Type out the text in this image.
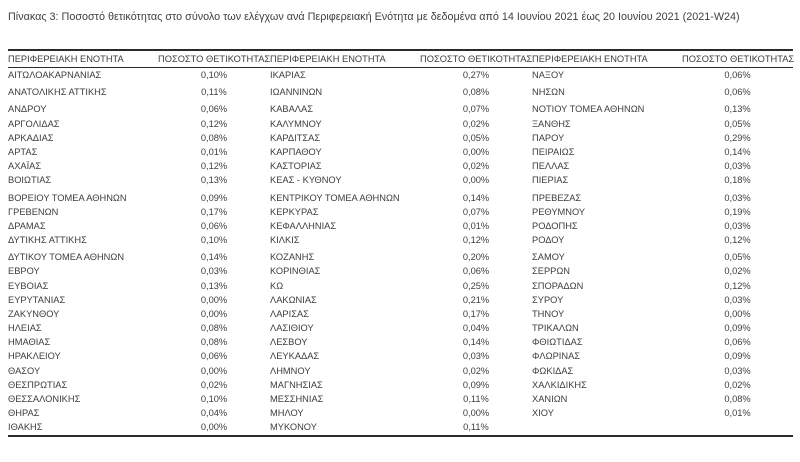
Πίνακας 3: Ποσοστό θετικότητας στο σύνολο των ελέγχων ανά Περιφερειακή Ενότητα με δεδομένα από 14 Ιουνίου 2021 έως 20 Ιουνίου 2021 (2021-W24)
ΠΕΡΙΦΕΡΕΙΑΚΗ ΕΝΟΤΗΤΑ	ΠΟΣΟΣΤΟ ΘΕΤΙΚΟΤΗΤΑΣ	ΠΕΡΙΦΕΡΕΙΑΚΗ ΕΝΟΤΗΤΑ	ΠΟΣΟΣΤΟ ΘΕΤΙΚΟΤΗΤΑΣ	ΠΕΡΙΦΕΡΕΙΑΚΗ ΕΝΟΤΗΤΑ	ΠΟΣΟΣΤΟ ΘΕΤΙΚΟΤΗΤΑΣ
ΑΙΤΩΛΟΑΚΑΡΝΑΝΙΑΣ	0,10%	ΙΚΑΡΙΑΣ	0,27%	ΝΑΞΟΥ	0,06%
ΑΝΑΤΟΛΙΚΗΣ ΑΤΤΙΚΗΣ	0,11%	ΙΩΑΝΝΙΝΩΝ	0,08%	ΝΗΣΩΝ	0,06%
ΑΝΔΡΟΥ	0,06%	ΚΑΒΑΛΑΣ	0,07%	ΝΟΤΙΟΥ ΤΟΜΕΑ ΑΘΗΝΩΝ	0,13%
ΑΡΓΟΛΙΔΑΣ	0,12%	ΚΑΛΥΜΝΟΥ	0,02%	ΞΑΝΘΗΣ	0,05%
ΑΡΚΑΔΙΑΣ	0,08%	ΚΑΡΔΙΤΣΑΣ	0,05%	ΠΑΡΟΥ	0,29%
ΑΡΤΑΣ	0,01%	ΚΑΡΠΑΘΟΥ	0,00%	ΠΕΙΡΑΙΩΣ	0,14%
ΑΧΑΪΑΣ	0,12%	ΚΑΣΤΟΡΙΑΣ	0,02%	ΠΕΛΛΑΣ	0,03%
ΒΟΙΩΤΙΑΣ	0,13%	ΚΕΑΣ - ΚΥΘΝΟΥ	0,00%	ΠΙΕΡΙΑΣ	0,18%
ΒΟΡΕΙΟΥ ΤΟΜΕΑ ΑΘΗΝΩΝ	0,09%	ΚΕΝΤΡΙΚΟΥ ΤΟΜΕΑ ΑΘΗΝΩΝ	0,14%	ΠΡΕΒΕΖΑΣ	0,03%
ΓΡΕΒΕΝΩΝ	0,17%	ΚΕΡΚΥΡΑΣ	0,07%	ΡΕΘΥΜΝΟΥ	0,19%
ΔΡΑΜΑΣ	0,06%	ΚΕΦΑΛΛΗΝΙΑΣ	0,01%	ΡΟΔΟΠΗΣ	0,03%
ΔΥΤΙΚΗΣ ΑΤΤΙΚΗΣ	0,10%	ΚΙΛΚΙΣ	0,12%	ΡΟΔΟΥ	0,12%
ΔΥΤΙΚΟΥ ΤΟΜΕΑ ΑΘΗΝΩΝ	0,14%	ΚΟΖΑΝΗΣ	0,20%	ΣΑΜΟΥ	0,05%
ΕΒΡΟΥ	0,03%	ΚΟΡΙΝΘΙΑΣ	0,06%	ΣΕΡΡΩΝ	0,02%
ΕΥΒΟΙΑΣ	0,13%	ΚΩ	0,25%	ΣΠΟΡΑΔΩΝ	0,12%
ΕΥΡΥΤΑΝΙΑΣ	0,00%	ΛΑΚΩΝΙΑΣ	0,21%	ΣΥΡΟΥ	0,03%
ΖΑΚΥΝΘΟΥ	0,00%	ΛΑΡΙΣΑΣ	0,17%	ΤΗΝΟΥ	0,00%
ΗΛΕΙΑΣ	0,08%	ΛΑΣΙΘΙΟΥ	0,04%	ΤΡΙΚΑΛΩΝ	0,09%
ΗΜΑΘΙΑΣ	0,08%	ΛΕΣΒΟΥ	0,14%	ΦΘΙΩΤΙΔΑΣ	0,06%
ΗΡΑΚΛΕΙΟΥ	0,06%	ΛΕΥΚΑΔΑΣ	0,03%	ΦΛΩΡΙΝΑΣ	0,09%
ΘΑΣΟΥ	0,00%	ΛΗΜΝΟΥ	0,02%	ΦΩΚΙΔΑΣ	0,03%
ΘΕΣΠΡΩΤΙΑΣ	0,02%	ΜΑΓΝΗΣΙΑΣ	0,09%	ΧΑΛΚΙΔΙΚΗΣ	0,02%
ΘΕΣΣΑΛΟΝΙΚΗΣ	0,10%	ΜΕΣΣΗΝΙΑΣ	0,11%	ΧΑΝΙΩΝ	0,08%
ΘΗΡΑΣ	0,04%	ΜΗΛΟΥ	0,00%	ΧΙΟΥ	0,01%
ΙΘΑΚΗΣ	0,00%	ΜΥΚΟΝΟΥ	0,11%		
